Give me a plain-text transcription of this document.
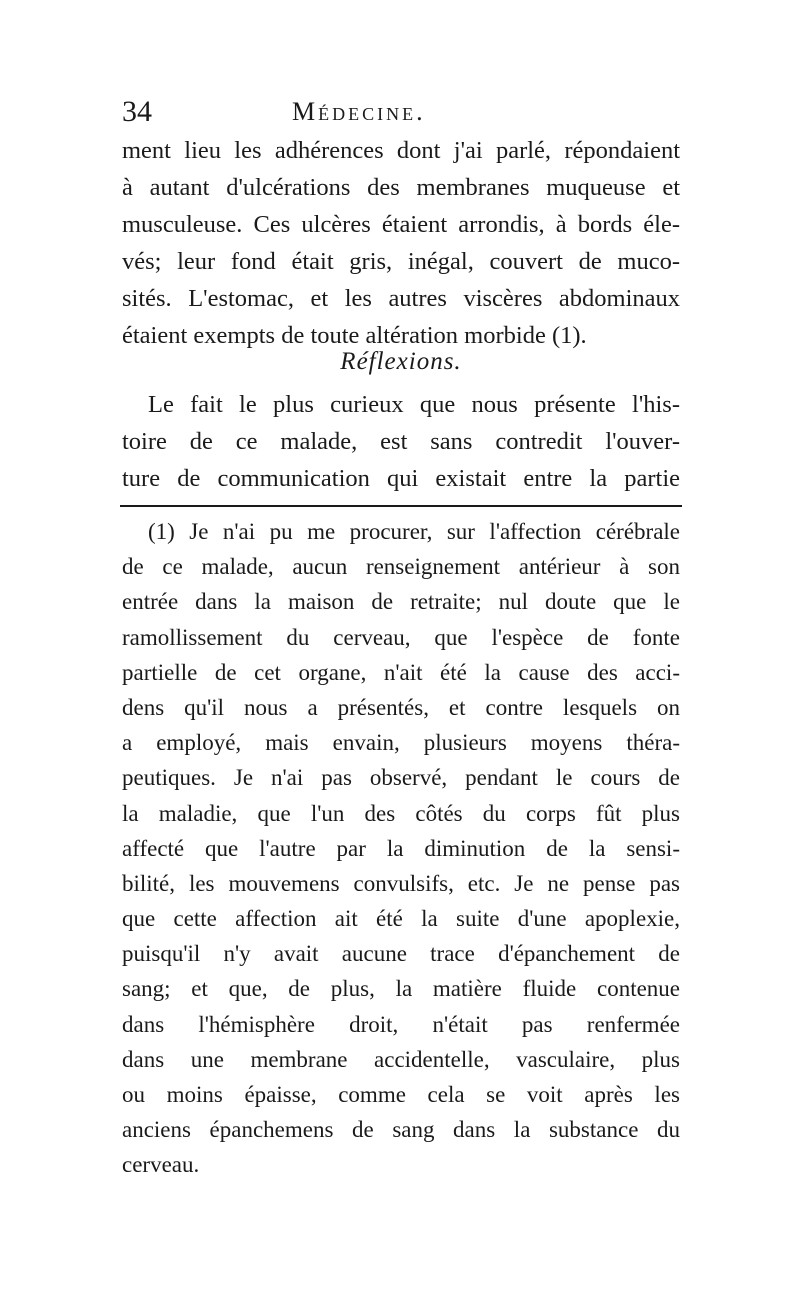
34	Médecine.
ment lieu les adhérences dont j'ai parlé, répondaient
à autant d'ulcérations des membranes muqueuse et
musculeuse. Ces ulcères étaient arrondis, à bords éle-
vés; leur fond était gris, inégal, couvert de muco-
sités. L'estomac, et les autres viscères abdominaux
étaient exempts de toute altération morbide (1).
Réflexions.
Le fait le plus curieux que nous présente l'his-
toire de ce malade, est sans contredit l'ouver-
ture de communication qui existait entre la partie
(1) Je n'ai pu me procurer, sur l'affection cérébrale
de ce malade, aucun renseignement antérieur à son
entrée dans la maison de retraite; nul doute que le
ramollissement du cerveau, que l'espèce de fonte
partielle de cet organe, n'ait été la cause des acci-
dens qu'il nous a présentés, et contre lesquels on
a employé, mais envain, plusieurs moyens théra-
peutiques. Je n'ai pas observé, pendant le cours de
la maladie, que l'un des côtés du corps fût plus
affecté que l'autre par la diminution de la sensi-
bilité, les mouvemens convulsifs, etc. Je ne pense pas
que cette affection ait été la suite d'une apoplexie,
puisqu'il n'y avait aucune trace d'épanchement de
sang; et que, de plus, la matière fluide contenue
dans l'hémisphère droit, n'était pas renfermée
dans une membrane accidentelle, vasculaire, plus
ou moins épaisse, comme cela se voit après les
anciens épanchemens de sang dans la substance du
cerveau.
